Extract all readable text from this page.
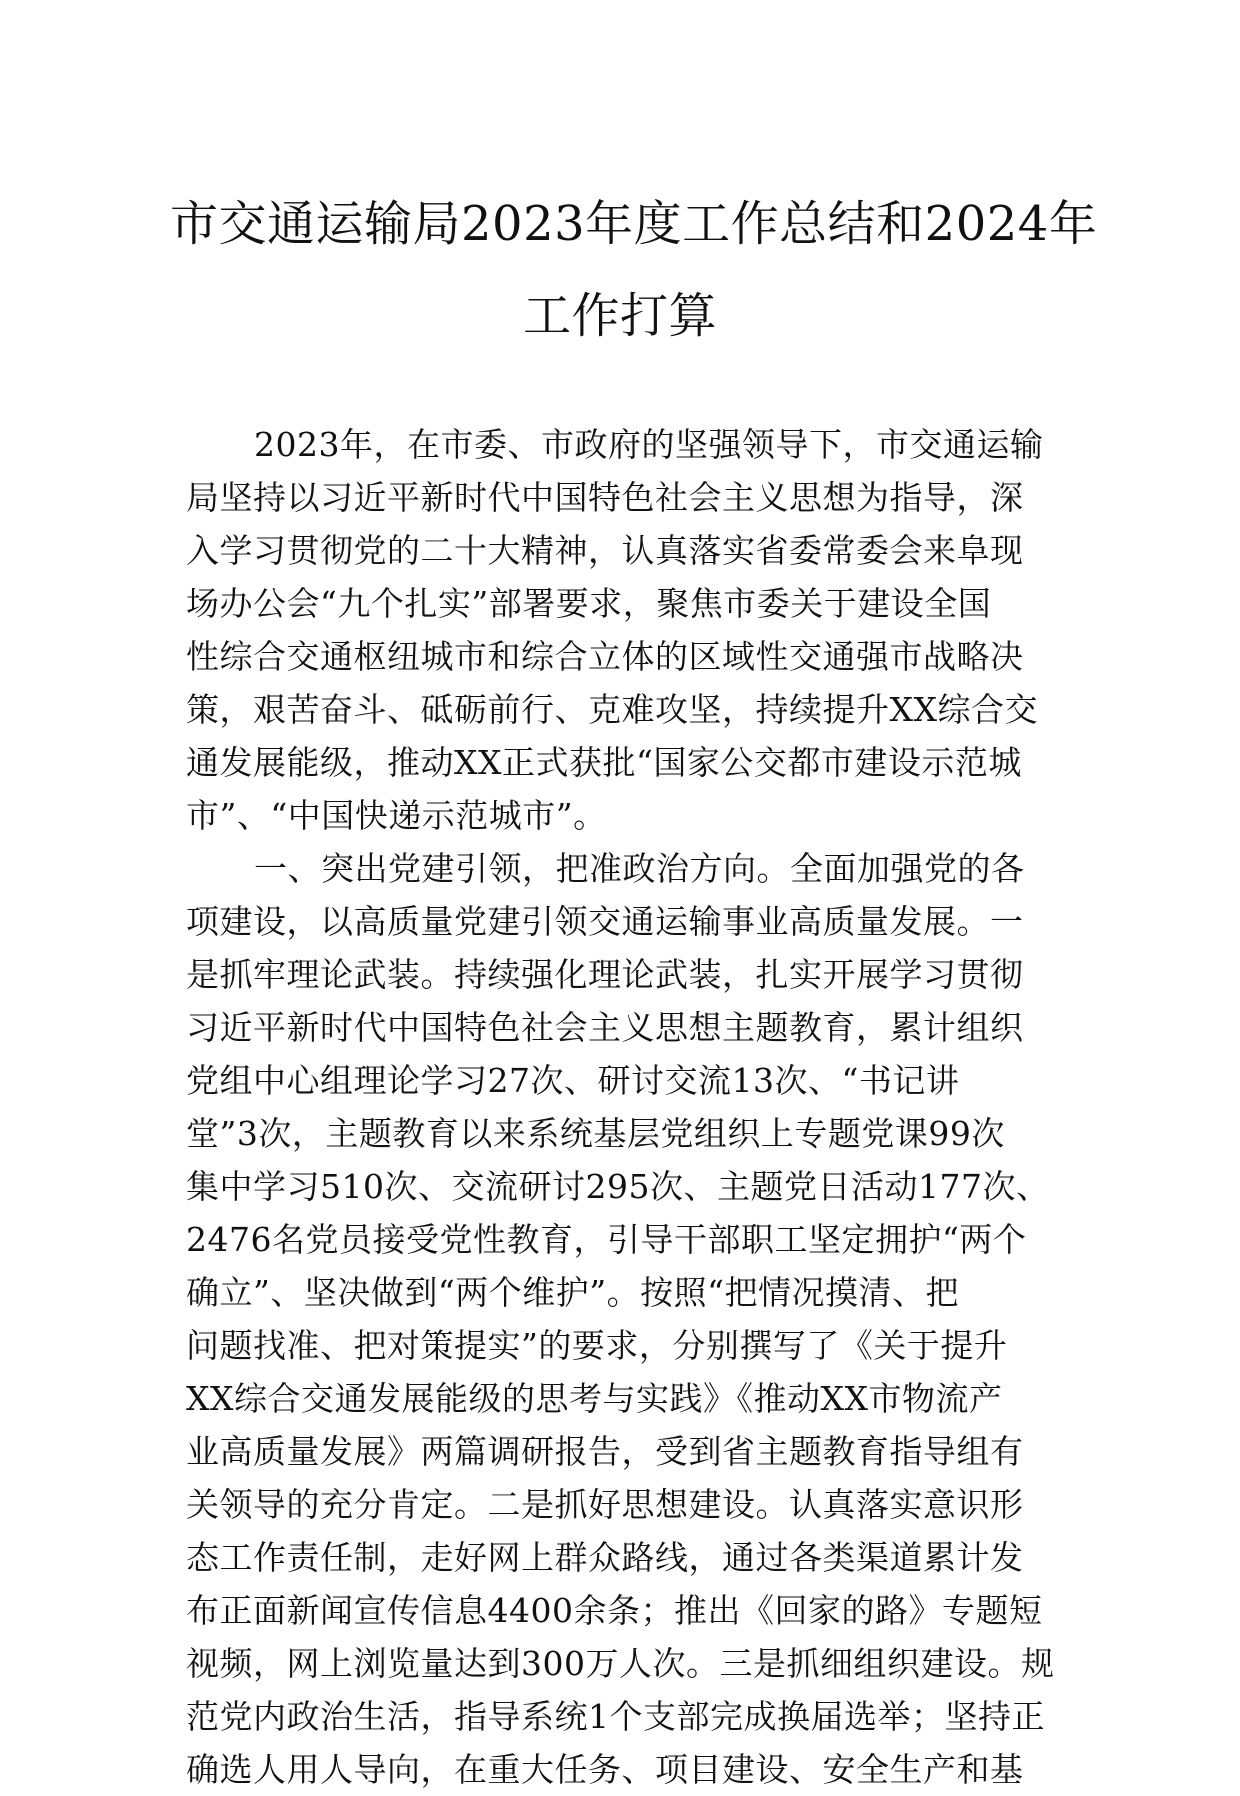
市交通运输局2023年度工作总结和2024年
工作打算
2023年，在市委、市政府的坚强领导下，市交通运输
局坚持以习近平新时代中国特色社会主义思想为指导，深
入学习贯彻党的二十大精神，认真落实省委常委会来阜现
场办公会“九个扎实”部署要求，聚焦市委关于建设全国
性综合交通枢纽城市和综合立体的区域性交通强市战略决
策，艰苦奋斗、砥砺前行、克难攻坚，持续提升XX综合交
通发展能级，推动XX正式获批“国家公交都市建设示范城
市”、“中国快递示范城市”。
一、突出党建引领，把准政治方向。全面加强党的各
项建设，以高质量党建引领交通运输事业高质量发展。一
是抓牢理论武装。持续强化理论武装，扎实开展学习贯彻
习近平新时代中国特色社会主义思想主题教育，累计组织
党组中心组理论学习27次、研讨交流13次、“书记讲
堂”3次，主题教育以来系统基层党组织上专题党课99次
集中学习510次、交流研讨295次、主题党日活动177次、
2476名党员接受党性教育，引导干部职工坚定拥护“两个
确立”、坚决做到“两个维护”。按照“把情况摸清、把
问题找准、把对策提实”的要求，分别撰写了《关于提升
XX综合交通发展能级的思考与实践》《推动XX市物流产
业高质量发展》两篇调研报告，受到省主题教育指导组有
关领导的充分肯定。二是抓好思想建设。认真落实意识形
态工作责任制，走好网上群众路线，通过各类渠道累计发
布正面新闻宣传信息4400余条；推出《回家的路》专题短
视频，网上浏览量达到300万人次。三是抓细组织建设。规
范党内政治生活，指导系统1个支部完成换届选举；坚持正
确选人用人导向，在重大任务、项目建设、安全生产和基
